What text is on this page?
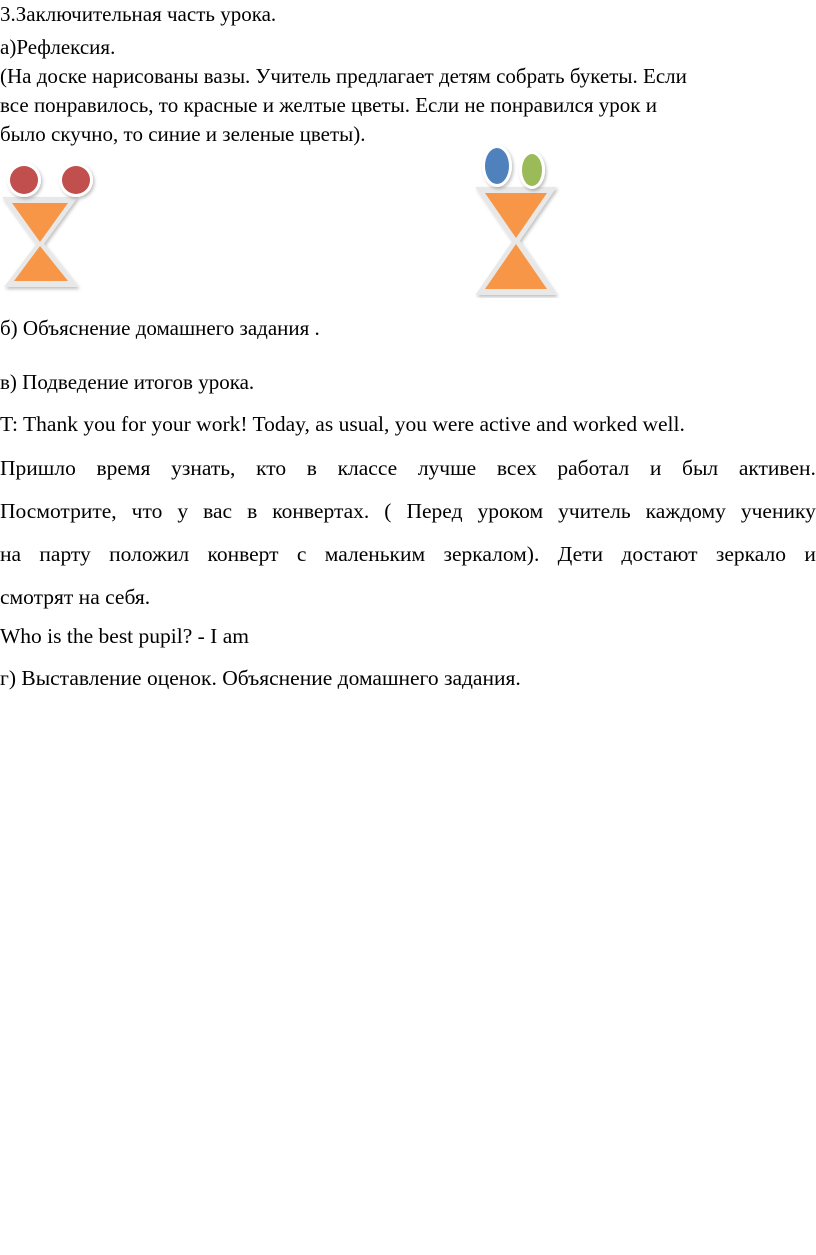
3.Заключительная часть урока.
а)Рефлексия.
(На доске нарисованы вазы. Учитель предлагает детям собрать букеты. Если
все понравилось, то красные и желтые цветы. Если не понравился урок и
было скучно, то синие и зеленые цветы).
б) Объяснение домашнего задания .
в) Подведение итогов урока.
T: Thank you for your work! Today, as usual, you were active and worked well.
Пришло время узнать, кто в классе лучше всех работал и был активен.
Посмотрите, что у вас в конвертах. ( Перед уроком учитель каждому ученику
на парту положил конверт с маленьким зеркалом). Дети достают зеркало и
смотрят на себя.
Who is the best pupil? - I am
г) Выставление оценок. Объяснение домашнего задания.
